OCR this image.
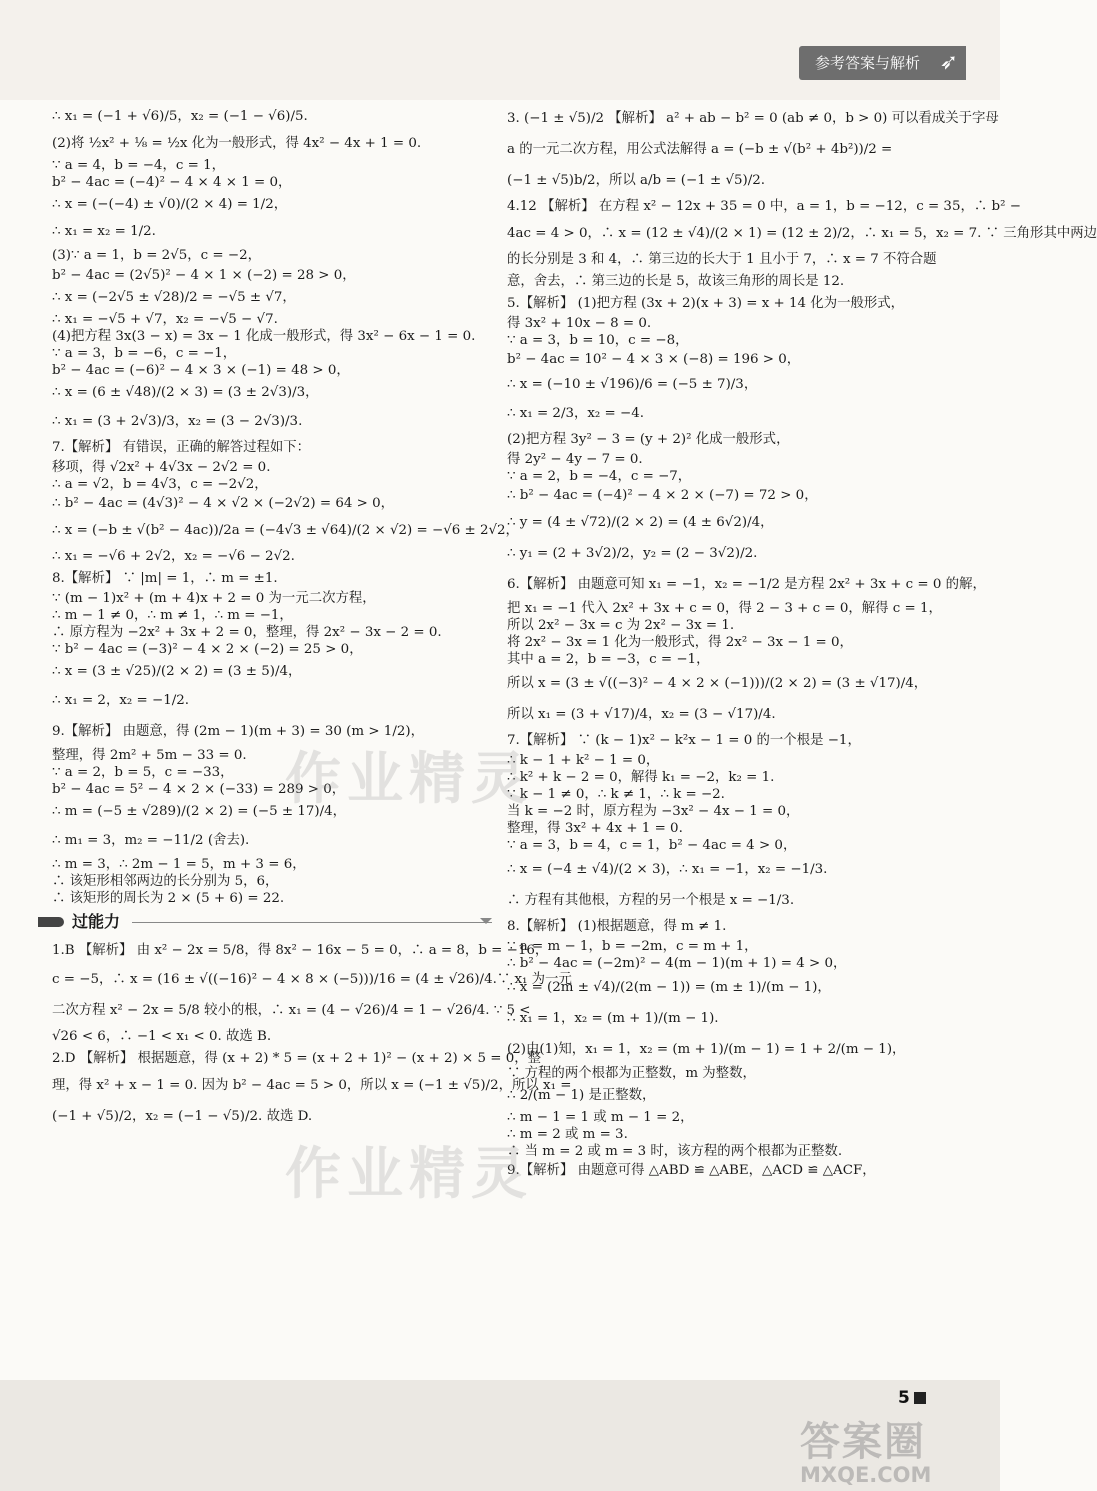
参考答案与解析 ➶
∴ x₁ = (−1 + √6)/5，x₂ = (−1 − √6)/5.
(2)将 ½x² + ⅛ = ½x 化为一般形式，得 4x² − 4x + 1 = 0.
∵ a = 4，b = −4，c = 1，
b² − 4ac = (−4)² − 4 × 4 × 1 = 0，
∴ x = (−(−4) ± √0)/(2 × 4) = 1/2，
∴ x₁ = x₂ = 1/2.
(3)∵ a = 1，b = 2√5，c = −2，
b² − 4ac = (2√5)² − 4 × 1 × (−2) = 28 > 0，
∴ x = (−2√5 ± √28)/2 = −√5 ± √7，
∴ x₁ = −√5 + √7，x₂ = −√5 − √7.
(4)把方程 3x(3 − x) = 3x − 1 化成一般形式，得 3x² − 6x − 1 = 0.
∵ a = 3，b = −6，c = −1，
b² − 4ac = (−6)² − 4 × 3 × (−1) = 48 > 0，
∴ x = (6 ± √48)/(2 × 3) = (3 ± 2√3)/3，
∴ x₁ = (3 + 2√3)/3，x₂ = (3 − 2√3)/3.
7.【解析】 有错误，正确的解答过程如下：
移项，得 √2x² + 4√3x − 2√2 = 0.
∴ a = √2，b = 4√3，c = −2√2，
∴ b² − 4ac = (4√3)² − 4 × √2 × (−2√2) = 64 > 0，
∴ x = (−b ± √(b² − 4ac))/2a = (−4√3 ± √64)/(2 × √2) = −√6 ± 2√2，
∴ x₁ = −√6 + 2√2，x₂ = −√6 − 2√2.
8.【解析】 ∵ |m| = 1，∴ m = ±1.
∵ (m − 1)x² + (m + 4)x + 2 = 0 为一元二次方程，
∴ m − 1 ≠ 0，∴ m ≠ 1，∴ m = −1，
∴ 原方程为 −2x² + 3x + 2 = 0，整理，得 2x² − 3x − 2 = 0.
∵ b² − 4ac = (−3)² − 4 × 2 × (−2) = 25 > 0，
∴ x = (3 ± √25)/(2 × 2) = (3 ± 5)/4，
∴ x₁ = 2，x₂ = −1/2.
9.【解析】 由题意，得 (2m − 1)(m + 3) = 30 (m > 1/2)，
整理，得 2m² + 5m − 33 = 0.
∵ a = 2，b = 5，c = −33，
b² − 4ac = 5² − 4 × 2 × (−33) = 289 > 0，
∴ m = (−5 ± √289)/(2 × 2) = (−5 ± 17)/4，
∴ m₁ = 3，m₂ = −11/2 (舍去).
∴ m = 3，∴ 2m − 1 = 5，m + 3 = 6，
∴ 该矩形相邻两边的长分别为 5，6，
∴ 该矩形的周长为 2 × (5 + 6) = 22.
过能力
1.B 【解析】 由 x² − 2x = 5/8，得 8x² − 16x − 5 = 0，∴ a = 8，b = −16，
c = −5，∴ x = (16 ± √((−16)² − 4 × 8 × (−5)))/16 = (4 ± √26)/4.∵ x₁ 为一元
二次方程 x² − 2x = 5/8 较小的根，∴ x₁ = (4 − √26)/4 = 1 − √26/4. ∵ 5 <
√26 < 6，∴ −1 < x₁ < 0. 故选 B.
2.D 【解析】 根据题意，得 (x + 2) * 5 = (x + 2 + 1)² − (x + 2) × 5 = 0，整
理，得 x² + x − 1 = 0. 因为 b² − 4ac = 5 > 0，所以 x = (−1 ± √5)/2，所以 x₁ =
(−1 + √5)/2，x₂ = (−1 − √5)/2. 故选 D.
3. (−1 ± √5)/2 【解析】 a² + ab − b² = 0 (ab ≠ 0，b > 0) 可以看成关于字母
a 的一元二次方程，用公式法解得 a = (−b ± √(b² + 4b²))/2 =
(−1 ± √5)b/2，所以 a/b = (−1 ± √5)/2.
4.12 【解析】 在方程 x² − 12x + 35 = 0 中，a = 1，b = −12，c = 35，∴ b² −
4ac = 4 > 0，∴ x = (12 ± √4)/(2 × 1) = (12 ± 2)/2，∴ x₁ = 5，x₂ = 7. ∵ 三角形其中两边
的长分别是 3 和 4，∴ 第三边的长大于 1 且小于 7，∴ x = 7 不符合题
意，舍去，∴ 第三边的长是 5，故该三角形的周长是 12.
5.【解析】 (1)把方程 (3x + 2)(x + 3) = x + 14 化为一般形式，
得 3x² + 10x − 8 = 0.
∵ a = 3，b = 10，c = −8，
b² − 4ac = 10² − 4 × 3 × (−8) = 196 > 0，
∴ x = (−10 ± √196)/6 = (−5 ± 7)/3，
∴ x₁ = 2/3，x₂ = −4.
(2)把方程 3y² − 3 = (y + 2)² 化成一般形式，
得 2y² − 4y − 7 = 0.
∵ a = 2，b = −4，c = −7，
∴ b² − 4ac = (−4)² − 4 × 2 × (−7) = 72 > 0，
∴ y = (4 ± √72)/(2 × 2) = (4 ± 6√2)/4，
∴ y₁ = (2 + 3√2)/2，y₂ = (2 − 3√2)/2.
6.【解析】 由题意可知 x₁ = −1，x₂ = −1/2 是方程 2x² + 3x + c = 0 的解，
把 x₁ = −1 代入 2x² + 3x + c = 0，得 2 − 3 + c = 0，解得 c = 1，
所以 2x² − 3x = c 为 2x² − 3x = 1.
将 2x² − 3x = 1 化为一般形式，得 2x² − 3x − 1 = 0，
其中 a = 2，b = −3，c = −1，
所以 x = (3 ± √((−3)² − 4 × 2 × (−1)))/(2 × 2) = (3 ± √17)/4，
所以 x₁ = (3 + √17)/4，x₂ = (3 − √17)/4.
7.【解析】 ∵ (k − 1)x² − k²x − 1 = 0 的一个根是 −1，
∴ k − 1 + k² − 1 = 0，
∴ k² + k − 2 = 0，解得 k₁ = −2，k₂ = 1.
∵ k − 1 ≠ 0，∴ k ≠ 1，∴ k = −2.
当 k = −2 时，原方程为 −3x² − 4x − 1 = 0，
整理，得 3x² + 4x + 1 = 0.
∵ a = 3，b = 4，c = 1，b² − 4ac = 4 > 0，
∴ x = (−4 ± √4)/(2 × 3)，∴ x₁ = −1，x₂ = −1/3.
∴ 方程有其他根，方程的另一个根是 x = −1/3.
8.【解析】 (1)根据题意，得 m ≠ 1.
∵ a = m − 1，b = −2m，c = m + 1，
∴ b² − 4ac = (−2m)² − 4(m − 1)(m + 1) = 4 > 0，
∴ x = (2m ± √4)/(2(m − 1)) = (m ± 1)/(m − 1)，
∴ x₁ = 1，x₂ = (m + 1)/(m − 1).
(2)由(1)知，x₁ = 1，x₂ = (m + 1)/(m − 1) = 1 + 2/(m − 1)，
∵ 方程的两个根都为正整数，m 为整数，
∴ 2/(m − 1) 是正整数，
∴ m − 1 = 1 或 m − 1 = 2，
∴ m = 2 或 m = 3.
∴ 当 m = 2 或 m = 3 时，该方程的两个根都为正整数.
9.【解析】 由题意可得 △ABD ≌ △ABE，△ACD ≌ △ACF，
作业精灵
作业精灵
5
答案圈
MXQE.COM
